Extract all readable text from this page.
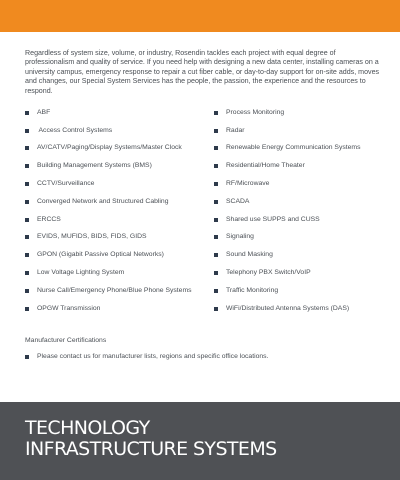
Regardless of system size, volume, or industry, Rosendin tackles each project with equal degree of professionalism and quality of service. If you need help with designing a new data center, installing cameras on a university campus, emergency response to repair a cut fiber cable, or day-to-day support for on-site adds, moves and changes, our Special System Services has the people, the passion, the experience and the resources to respond.

ABF
Access Control Systems
AV/CATV/Paging/Display Systems/Master Clock
Building Management Systems (BMS)
CCTV/Surveillance
Converged Network and Structured Cabling
ERCCS
EVIDS, MUFIDS, BIDS, FIDS, GIDS
GPON (Gigabit Passive Optical Networks)
Low Voltage Lighting System
Nurse Call/Emergency Phone/Blue Phone Systems
OPGW Transmission
Process Monitoring
Radar
Renewable Energy Communication Systems
Residential/Home Theater
RF/Microwave
SCADA
Shared use SUPPS and CUSS
Signaling
Sound Masking
Telephony PBX Switch/VoIP
Traffic Monitoring
WiFi/Distributed Antenna Systems (DAS)

Manufacturer Certifications

Please contact us for manufacturer lists, regions and specific office locations.

TECHNOLOGY
INFRASTRUCTURE SYSTEMS
